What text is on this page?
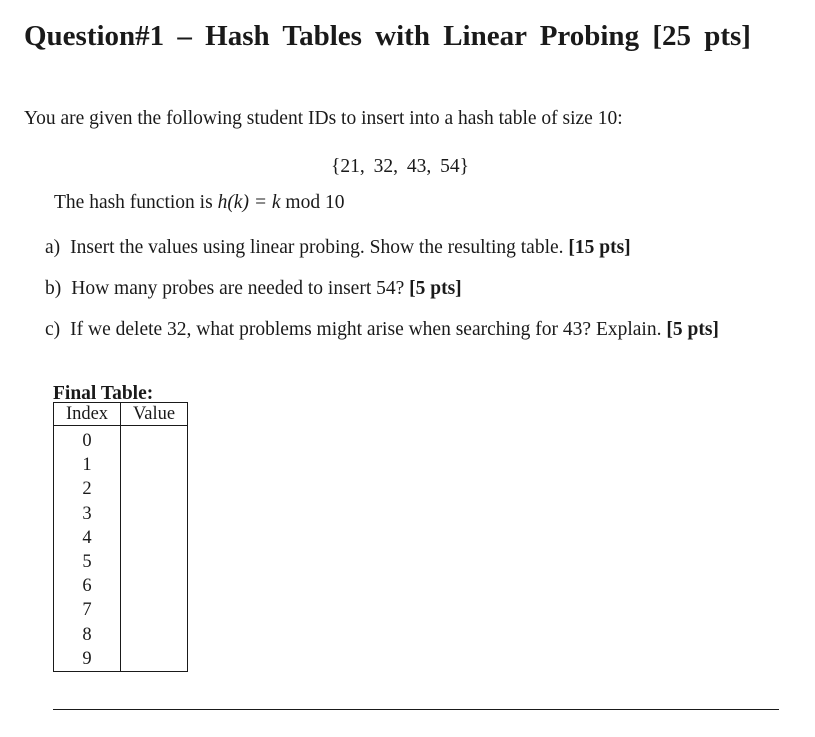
Question#1 – Hash Tables with Linear Probing [25 pts]

You are given the following student IDs to insert into a hash table of size 10:

{21, 32, 43, 54}
The hash function is h(k) = k mod 10
a) Insert the values using linear probing. Show the resulting table. [15 pts]
b) How many probes are needed to insert 54? [5 pts]
c) If we delete 32, what problems might arise when searching for 43? Explain. [5 pts]
Final Table:
Index	Value
0	
1	
2	
3	
4	
5	
6	
7	
8	
9	
